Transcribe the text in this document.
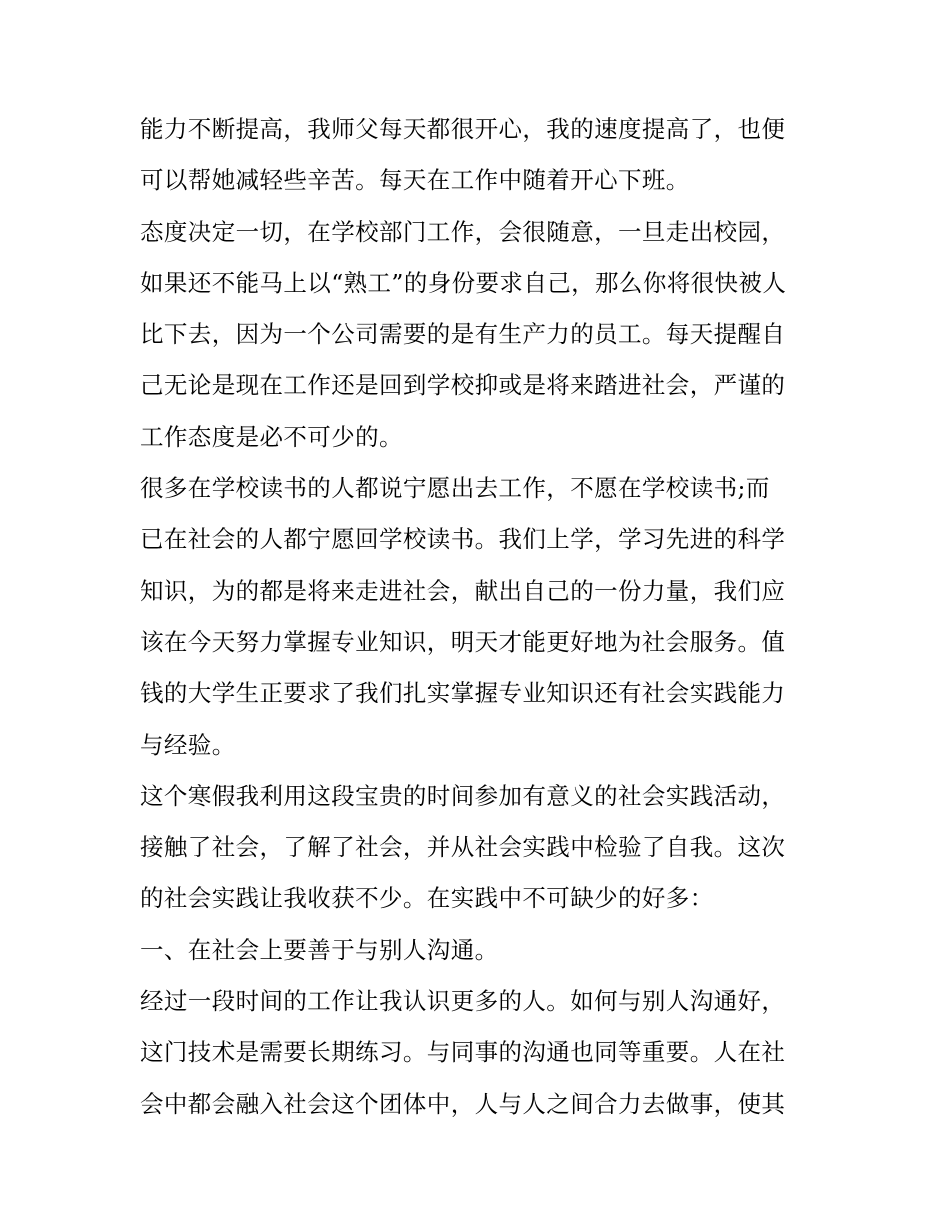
能力不断提高，我师父每天都很开心，我的速度提高了，也便
可以帮她减轻些辛苦。每天在工作中随着开心下班。
态度决定一切，在学校部门工作，会很随意，一旦走出校园，
如果还不能马上以“熟工”的身份要求自己，那么你将很快被人
比下去，因为一个公司需要的是有生产力的员工。每天提醒自
己无论是现在工作还是回到学校抑或是将来踏进社会，严谨的
工作态度是必不可少的。
很多在学校读书的人都说宁愿出去工作，不愿在学校读书;而
已在社会的人都宁愿回学校读书。我们上学，学习先进的科学
知识，为的都是将来走进社会，献出自己的一份力量，我们应
该在今天努力掌握专业知识，明天才能更好地为社会服务。值
钱的大学生正要求了我们扎实掌握专业知识还有社会实践能力
与经验。
这个寒假我利用这段宝贵的时间参加有意义的社会实践活动，
接触了社会，了解了社会，并从社会实践中检验了自我。这次
的社会实践让我收获不少。在实践中不可缺少的好多：
一、在社会上要善于与别人沟通。
经过一段时间的工作让我认识更多的人。如何与别人沟通好，
这门技术是需要长期练习。与同事的沟通也同等重要。人在社
会中都会融入社会这个团体中，人与人之间合力去做事，使其
